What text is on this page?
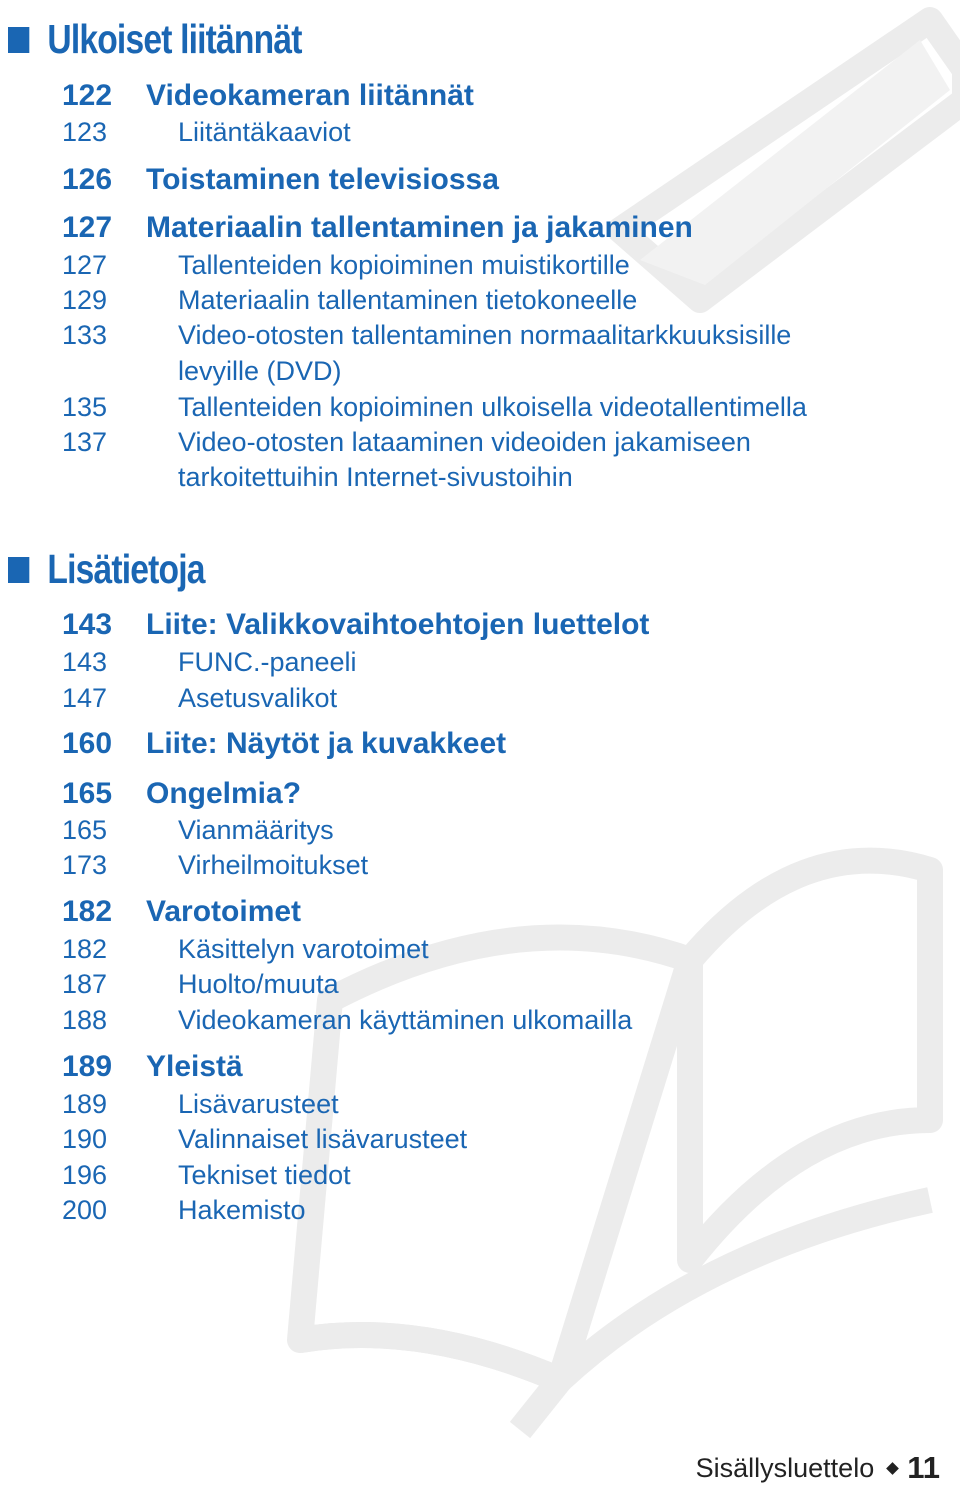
Ulkoiset liitännät
Lisätietoja
122 Videokameran liitännät
123	Liitäntäkaaviot
126 Toistaminen televisiossa
127 Materiaalin tallentaminen ja jakaminen
127	Tallenteiden kopioiminen muistikortille
129	Materiaalin tallentaminen tietokoneelle
133	Video-otosten tallentaminen normaalitarkkuuksisille
levyille (DVD)
135	Tallenteiden kopioiminen ulkoisella videotallentimella
137	Video-otosten lataaminen videoiden jakamiseen
tarkoitettuihin Internet-sivustoihin
143 Liite: Valikkovaihtoehtojen luettelot
143	FUNC.-paneeli
147	Asetusvalikot
160 Liite: Näytöt ja kuvakkeet
165 Ongelmia?
165	Vianmääritys
173	Virheilmoitukset
182 Varotoimet
182	Käsittelyn varotoimet
187	Huolto/muuta
188	Videokameran käyttäminen ulkomailla
189 Yleistä
189	Lisävarusteet
190	Valinnaiset lisävarusteet
196	Tekniset tiedot
200	Hakemisto
Sisällysluettelo 11
